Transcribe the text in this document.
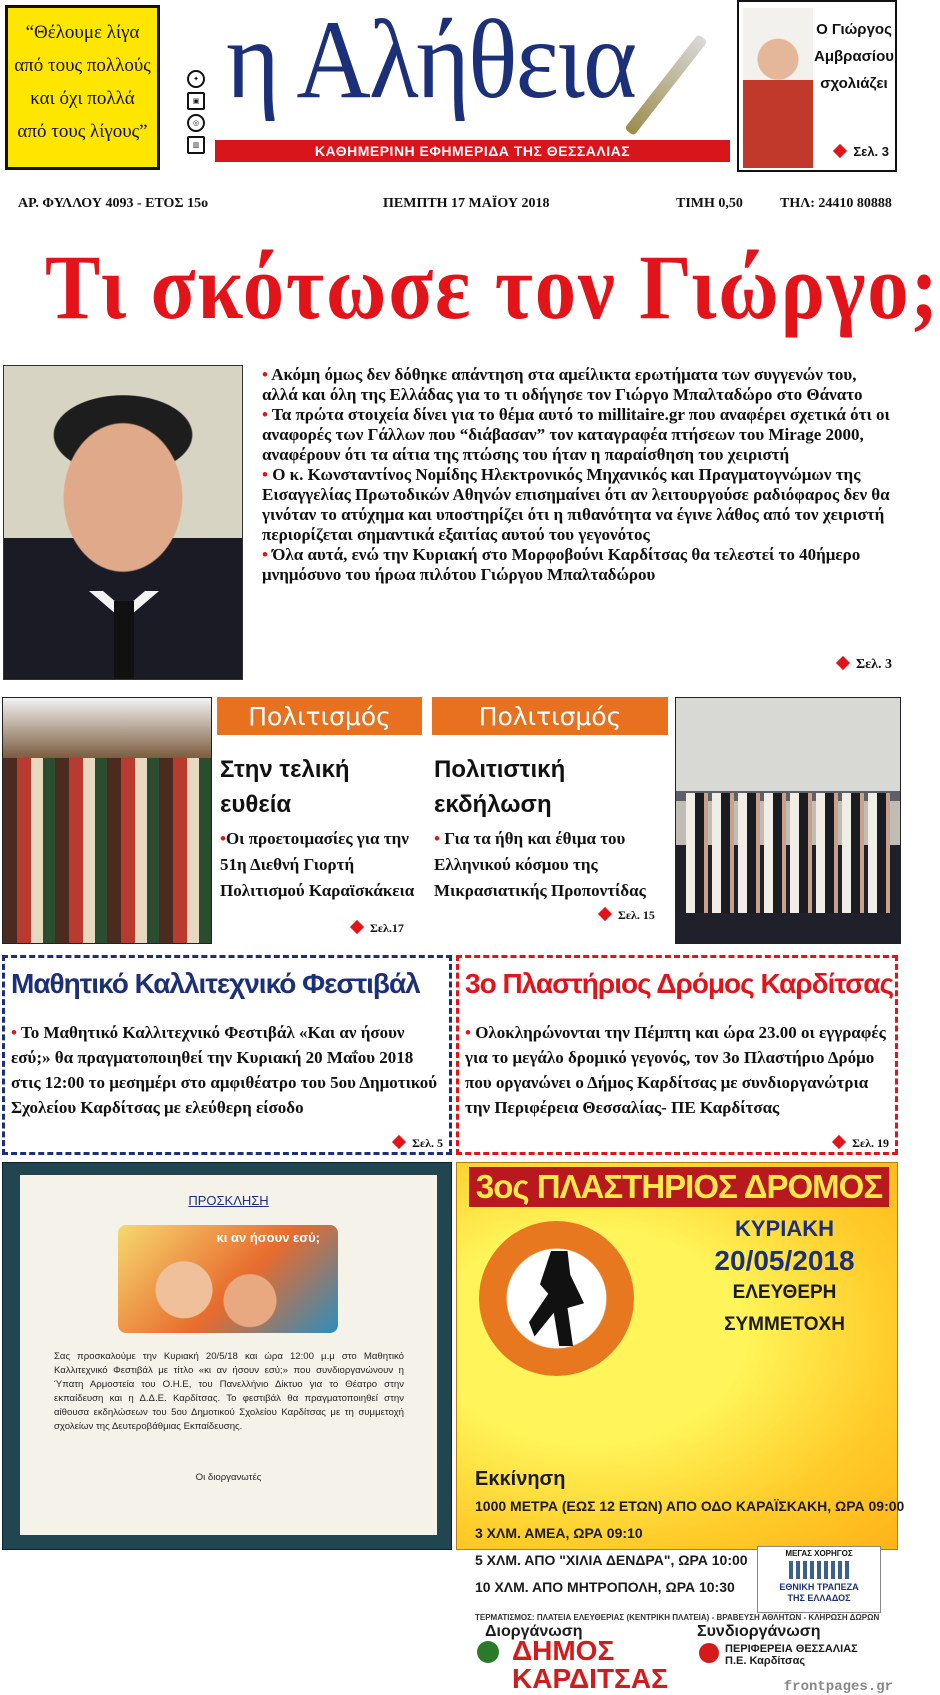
“Θέλουμε λίγα
από τους πολλούς
και όχι πολλά
από τους λίγους”
✦
▣
◎
▥
η Αλήθεια
ΚΑΘΗΜΕΡΙΝΗ ΕΦΗΜΕΡΙΔΑ ΤΗΣ ΘΕΣΣΑΛΙΑΣ
Ο Γιώργος
Αμβρασίου
σχολιάζει
Σελ. 3
ΑΡ. ΦΥΛΛΟΥ 4093 - ΕΤΟΣ 15ο	ΠΕΜΠΤΗ 17 ΜΑΪΟΥ 2018	ΤΙΜΗ 0,50	ΤΗΛ: 24410 80888
Τι σκότωσε τον Γιώργο;

• Ακόμη όμως δεν δόθηκε απάντηση στα αμείλικτα ερωτήματα των συγγενών του, αλλά και όλη της Ελλάδας για το τι οδήγησε τον Γιώργο Μπαλταδώρο στο Θάνατο

• Τα πρώτα στοιχεία δίνει για το θέμα αυτό το millitaire.gr που αναφέρει σχετικά ότι οι αναφορές των Γάλλων που “διάβασαν” τον καταγραφέα πτήσεων του Mirage 2000, αναφέρουν ότι τα αίτια της πτώσης του ήταν η παραίσθηση του χειριστή

• Ο κ. Κωνσταντίνος Νομίδης Ηλεκτρονικός Μηχανικός και Πραγματογνώμων της Εισαγγελίας Πρωτοδικών Αθηνών επισημαίνει ότι αν λειτουργούσε ραδιόφαρος δεν θα γινόταν το ατύχημα και υποστηρίζει ότι η πιθανότητα να έγινε λάθος από τον χειριστή περιορίζεται σημαντικά εξαιτίας αυτού του γεγονότος

• Όλα αυτά, ενώ την Κυριακή στο Μορφοβούνι Καρδίτσας θα τελεστεί το 40ήμερο μνημόσυνο του ήρωα πιλότου Γιώργου Μπαλταδώρου

Σελ. 3
Πολιτισμός
Στην τελική
ευθεία
•Οι προετοιμασίες για την 51η Διεθνή Γιορτή Πολιτισμού Καραϊσκάκεια
Σελ.17
Πολιτισμός
Πολιτιστική
εκδήλωση
• Για τα ήθη και έθιμα του Ελληνικού κόσμου της Μικρασιατικής Προποντίδας
Σελ. 15
Μαθητικό Καλλιτεχνικό Φεστιβάλ
• Το Μαθητικό Καλλιτεχνικό Φεστιβάλ «Και αν ήσουν εσύ;» θα πραγματοποιηθεί την Κυριακή 20 Μαΐου 2018 στις 12:00 το μεσημέρι στο αμφιθέατρο του 5ου Δημοτικού Σχολείου Καρδίτσας με ελεύθερη είσοδο
Σελ. 5
3ο Πλαστήριος Δρόμος Καρδίτσας
• Ολοκληρώνονται την Πέμπτη και ώρα 23.00 οι εγγραφές για το μεγάλο δρομικό γεγονός, τον 3ο Πλαστήριο Δρόμο που οργανώνει ο Δήμος Καρδίτσας με συνδιοργανώτρια την Περιφέρεια Θεσσαλίας- ΠΕ Καρδίτσας
Σελ. 19
ΠΡΟΣΚΛΗΣΗ
κι αν ήσουν εσύ;
Σας προσκαλούμε την Κυριακή 20/5/18 και ώρα 12:00 μ.μ στο Μαθητικό Καλλιτεχνικό Φεστιβάλ με τίτλο «κι αν ήσουν εσύ;» που συνδιοργανώνουν η Ύπατη Αρμοστεία του Ο.Η.Ε, του Πανελλήνιο Δίκτυο για το Θέατρο στην εκπαίδευση και η Δ.Δ.Ε. Καρδίτσας. Το φεστιβάλ θα πραγματοποιηθεί στην αίθουσα εκδηλώσεων του 5ου Δημοτικού Σχολείου Καρδίτσας με τη συμμετοχή σχολείων της Δευτεροβάθμιας Εκπαίδευσης.
Οι διοργανωτές
3ος ΠΛΑΣΤΗΡΙΟΣ ΔΡΟΜΟΣ
ΚΥΡΙΑΚΗ
20/05/2018
ΕΛΕΥΘΕΡΗ
ΣΥΜΜΕΤΟΧΗ
Εκκίνηση
1000 ΜΕΤΡΑ (ΕΩΣ 12 ΕΤΩΝ) ΑΠΟ ΟΔΟ ΚΑΡΑΪΣΚΑΚΗ, ΩΡΑ 09:00
3 ΧΛΜ. ΑΜΕΑ, ΩΡΑ 09:10
5 ΧΛΜ. ΑΠΟ "ΧΙΛΙΑ ΔΕΝΔΡΑ", ΩΡΑ 10:00
10 ΧΛΜ. ΑΠΟ ΜΗΤΡΟΠΟΛΗ, ΩΡΑ 10:30
ΤΕΡΜΑΤΙΣΜΟΣ: ΠΛΑΤΕΙΑ ΕΛΕΥΘΕΡΙΑΣ (ΚΕΝΤΡΙΚΗ ΠΛΑΤΕΙΑ) - ΒΡΑΒΕΥΣΗ ΑΘΛΗΤΩΝ - ΚΛΗΡΩΣΗ ΔΩΡΩΝ
ΜΕΓΑΣ ΧΟΡΗΓΟΣ
ΕΘΝΙΚΗ ΤΡΑΠΕΖΑ
ΤΗΣ ΕΛΛΑΔΟΣ
Διοργάνωση
ΔΗΜΟΣ
ΚΑΡΔΙΤΣΑΣ
Συνδιοργάνωση
ΠΕΡΙΦΕΡΕΙΑ ΘΕΣΣΑΛΙΑΣ
Π.Ε. Καρδίτσας
frontpages.gr
